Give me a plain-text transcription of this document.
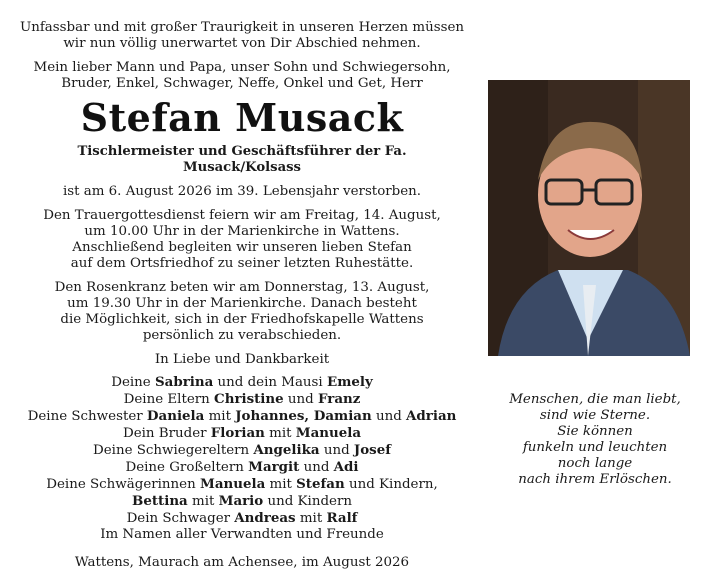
Unfassbar und mit großer Traurigkeit in unseren Herzen müssen
wir nun völlig unerwartet von Dir Abschied nehmen.

Mein lieber Mann und Papa, unser Sohn und Schwiegersohn,
Bruder, Enkel, Schwager, Neffe, Onkel und Get, Herr

Stefan Musack
Tischlermeister und Geschäftsführer der Fa. Musack/Kolsass

ist am 6. August 2026 im 39. Lebensjahr verstorben.

Den Trauergottesdienst feiern wir am Freitag, 14. August,
um 10.00 Uhr in der Marienkirche in Wattens.
Anschließend begleiten wir unseren lieben Stefan
auf dem Ortsfriedhof zu seiner letzten Ruhestätte.

Den Rosenkranz beten wir am Donnerstag, 13. August,
um 19.30 Uhr in der Marienkirche. Danach besteht
die Möglichkeit, sich in der Friedhofskapelle Wattens
persönlich zu verabschieden.

In Liebe und Dankbarkeit
Deine Sabrina und dein Mausi Emely
Deine Eltern Christine und Franz
Deine Schwester Daniela mit Johannes, Damian und Adrian
Dein Bruder Florian mit Manuela
Deine Schwiegereltern Angelika und Josef
Deine Großeltern Margit und Adi
Deine Schwägerinnen Manuela mit Stefan und Kindern,
Bettina mit Mario und Kindern
Dein Schwager Andreas mit Ralf
Im Namen aller Verwandten und Freunde
Wattens, Maurach am Achensee, im August 2026
Menschen, die man liebt,
sind wie Sterne.
Sie können
funkeln und leuchten
noch lange
nach ihrem Erlöschen.
